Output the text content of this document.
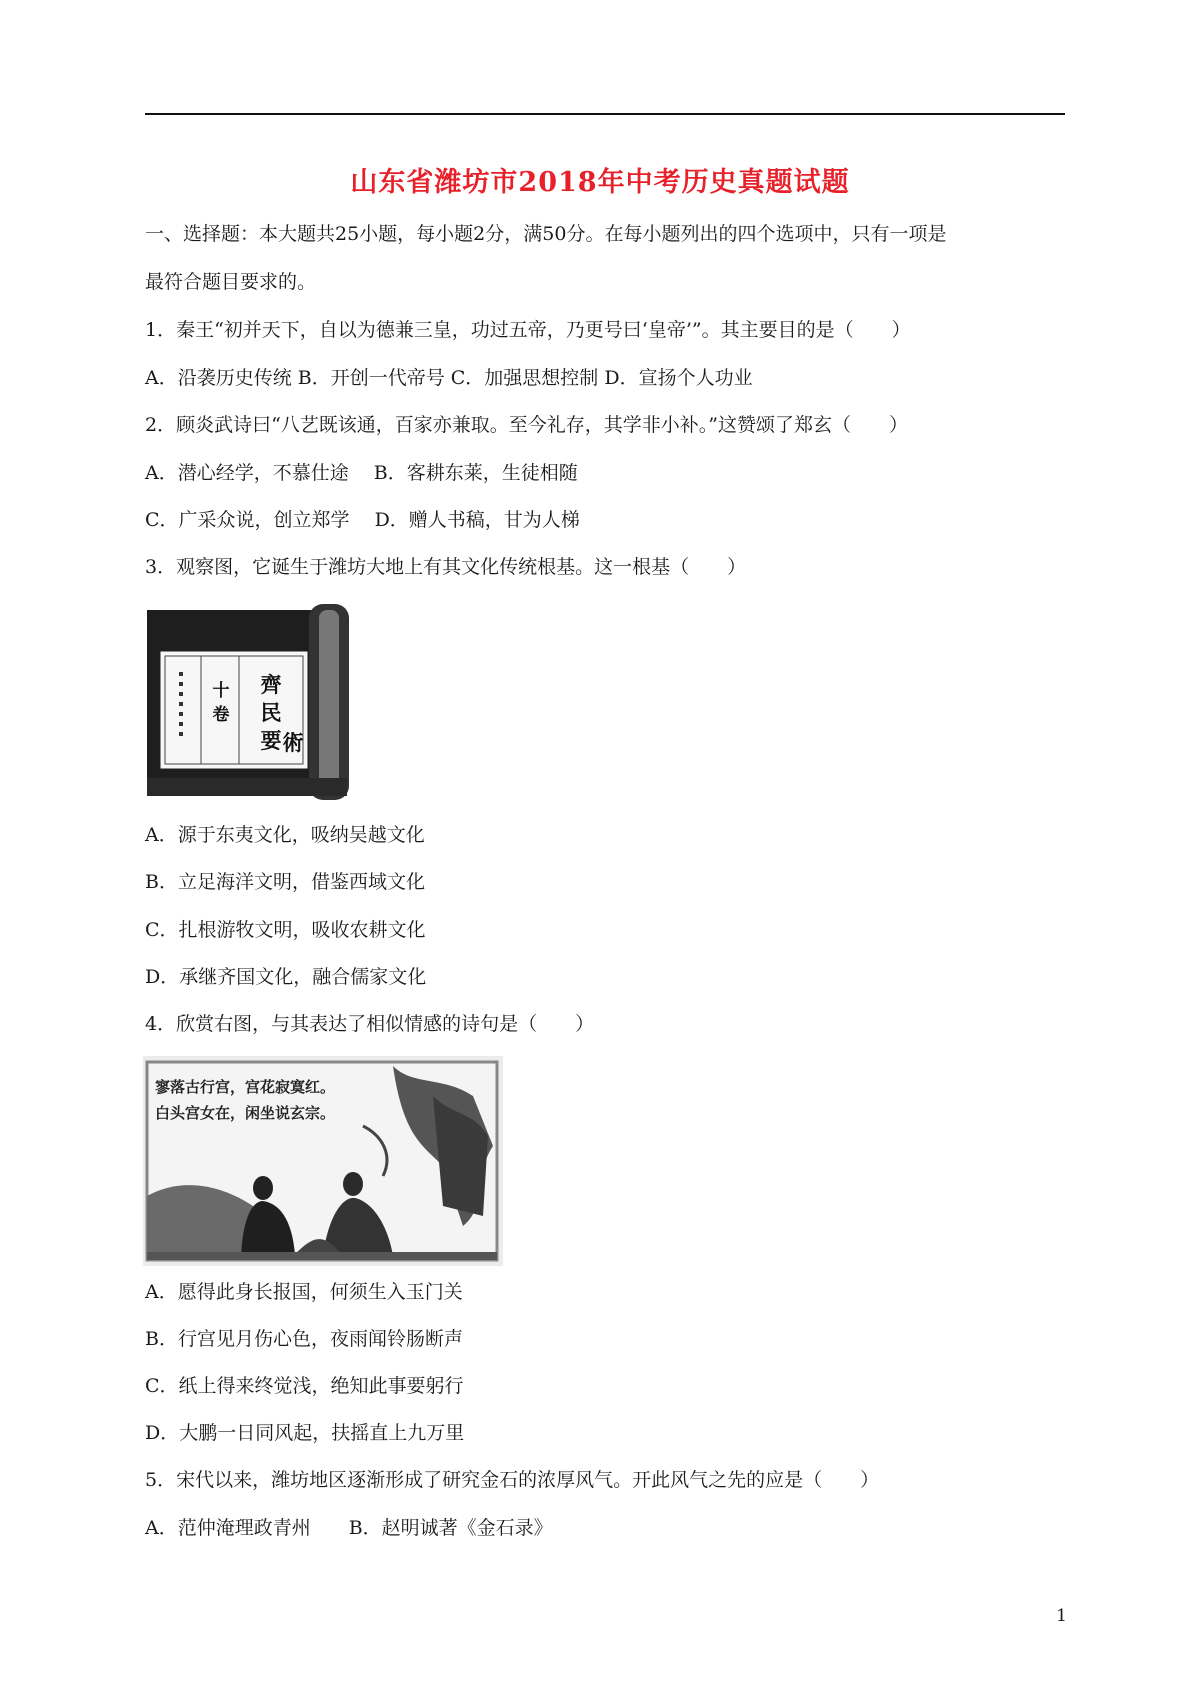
山东省潍坊市2018年中考历史真题试题
一、选择题：本大题共25小题，每小题2分，满50分。在每小题列出的四个选项中，只有一项是
最符合题目要求的。
1．秦王“初并天下，自以为德兼三皇，功过五帝，乃更号曰‘皇帝’”。其主要目的是（　　）
A．沿袭历史传统 B．开创一代帝号 C．加强思想控制 D．宣扬个人功业
2．顾炎武诗曰“八艺既该通，百家亦兼取。至今礼存，其学非小补。”这赞颂了郑玄（　　）
A．潜心经学，不慕仕途　 B．客耕东莱，生徒相随
C．广采众说，创立郑学　 D．赠人书稿，甘为人梯
3．观察图，它诞生于潍坊大地上有其文化传统根基。这一根基（　　）
齊
民
要 術
十
卷
A．源于东夷文化，吸纳吴越文化
B．立足海洋文明，借鉴西域文化
C．扎根游牧文明，吸收农耕文化
D．承继齐国文化，融合儒家文化
4．欣赏右图，与其表达了相似情感的诗句是（　　）
寥落古行宫，宫花寂寞红。
白头宫女在，闲坐说玄宗。
A．愿得此身长报国，何须生入玉门关
B．行宫见月伤心色，夜雨闻铃肠断声
C．纸上得来终觉浅，绝知此事要躬行
D．大鹏一日同风起，扶摇直上九万里
5．宋代以来，潍坊地区逐渐形成了研究金石的浓厚风气。开此风气之先的应是（　　）
A．范仲淹理政青州　　B．赵明诚著《金石录》
1
